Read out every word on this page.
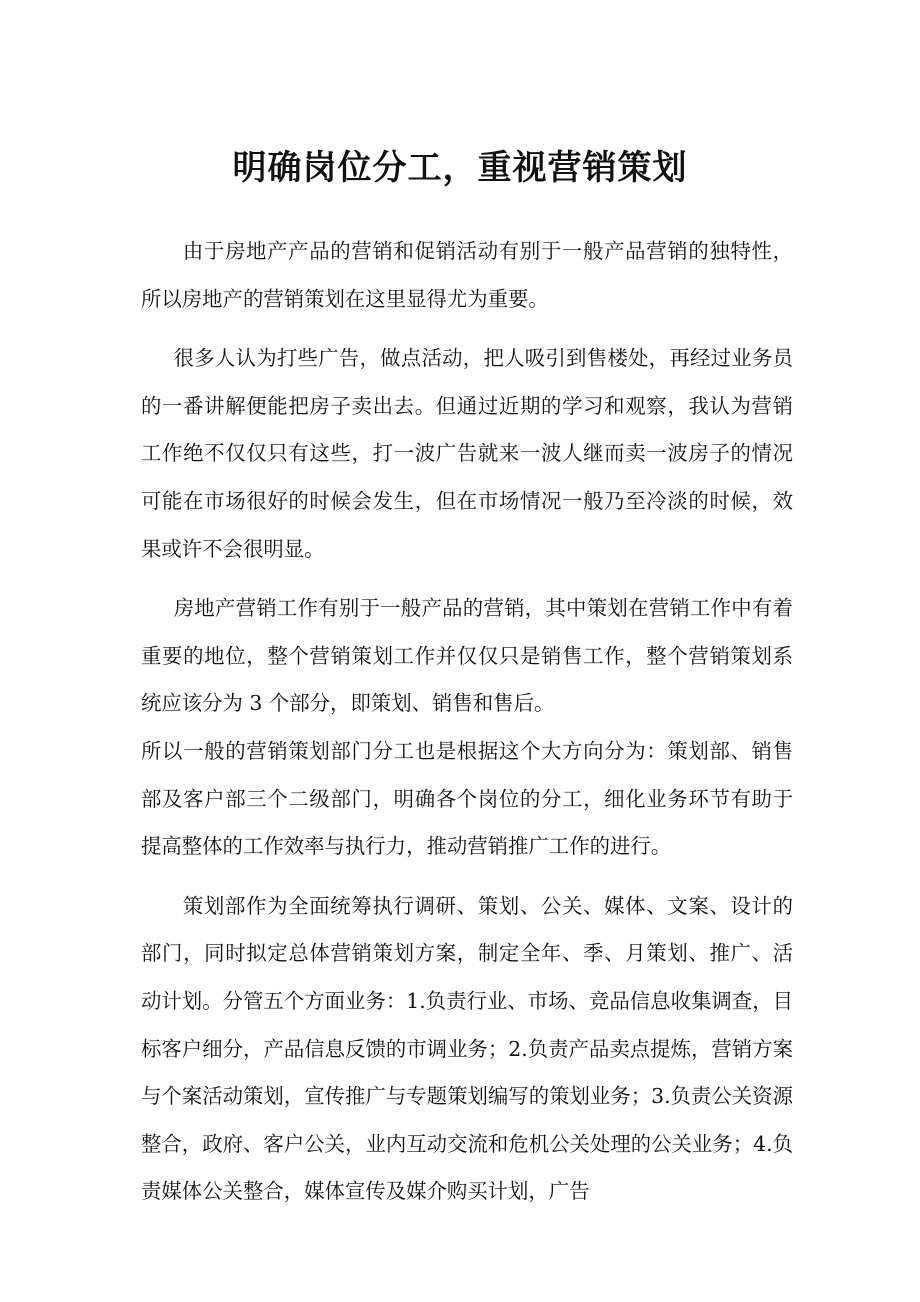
明确岗位分工，重视营销策划

由于房地产产品的营销和促销活动有别于一般产品营销的独特性，所以房地产的营销策划在这里显得尤为重要。

很多人认为打些广告，做点活动，把人吸引到售楼处，再经过业务员的一番讲解便能把房子卖出去。但通过近期的学习和观察，我认为营销工作绝不仅仅只有这些，打一波广告就来一波人继而卖一波房子的情况可能在市场很好的时候会发生，但在市场情况一般乃至冷淡的时候，效果或许不会很明显。

房地产营销工作有别于一般产品的营销，其中策划在营销工作中有着重要的地位，整个营销策划工作并仅仅只是销售工作，整个营销策划系统应该分为 3 个部分，即策划、销售和售后。

所以一般的营销策划部门分工也是根据这个大方向分为：策划部、销售部及客户部三个二级部门，明确各个岗位的分工，细化业务环节有助于提高整体的工作效率与执行力，推动营销推广工作的进行。

策划部作为全面统筹执行调研、策划、公关、媒体、文案、设计的部门，同时拟定总体营销策划方案，制定全年、季、月策划、推广、活动计划。分管五个方面业务：1.负责行业、市场、竞品信息收集调查，目标客户细分，产品信息反馈的市调业务；2.负责产品卖点提炼，营销方案与个案活动策划，宣传推广与专题策划编写的策划业务；3.负责公关资源整合，政府、客户公关，业内互动交流和危机公关处理的公关业务；4.负责媒体公关整合，媒体宣传及媒介购买计划，广告
